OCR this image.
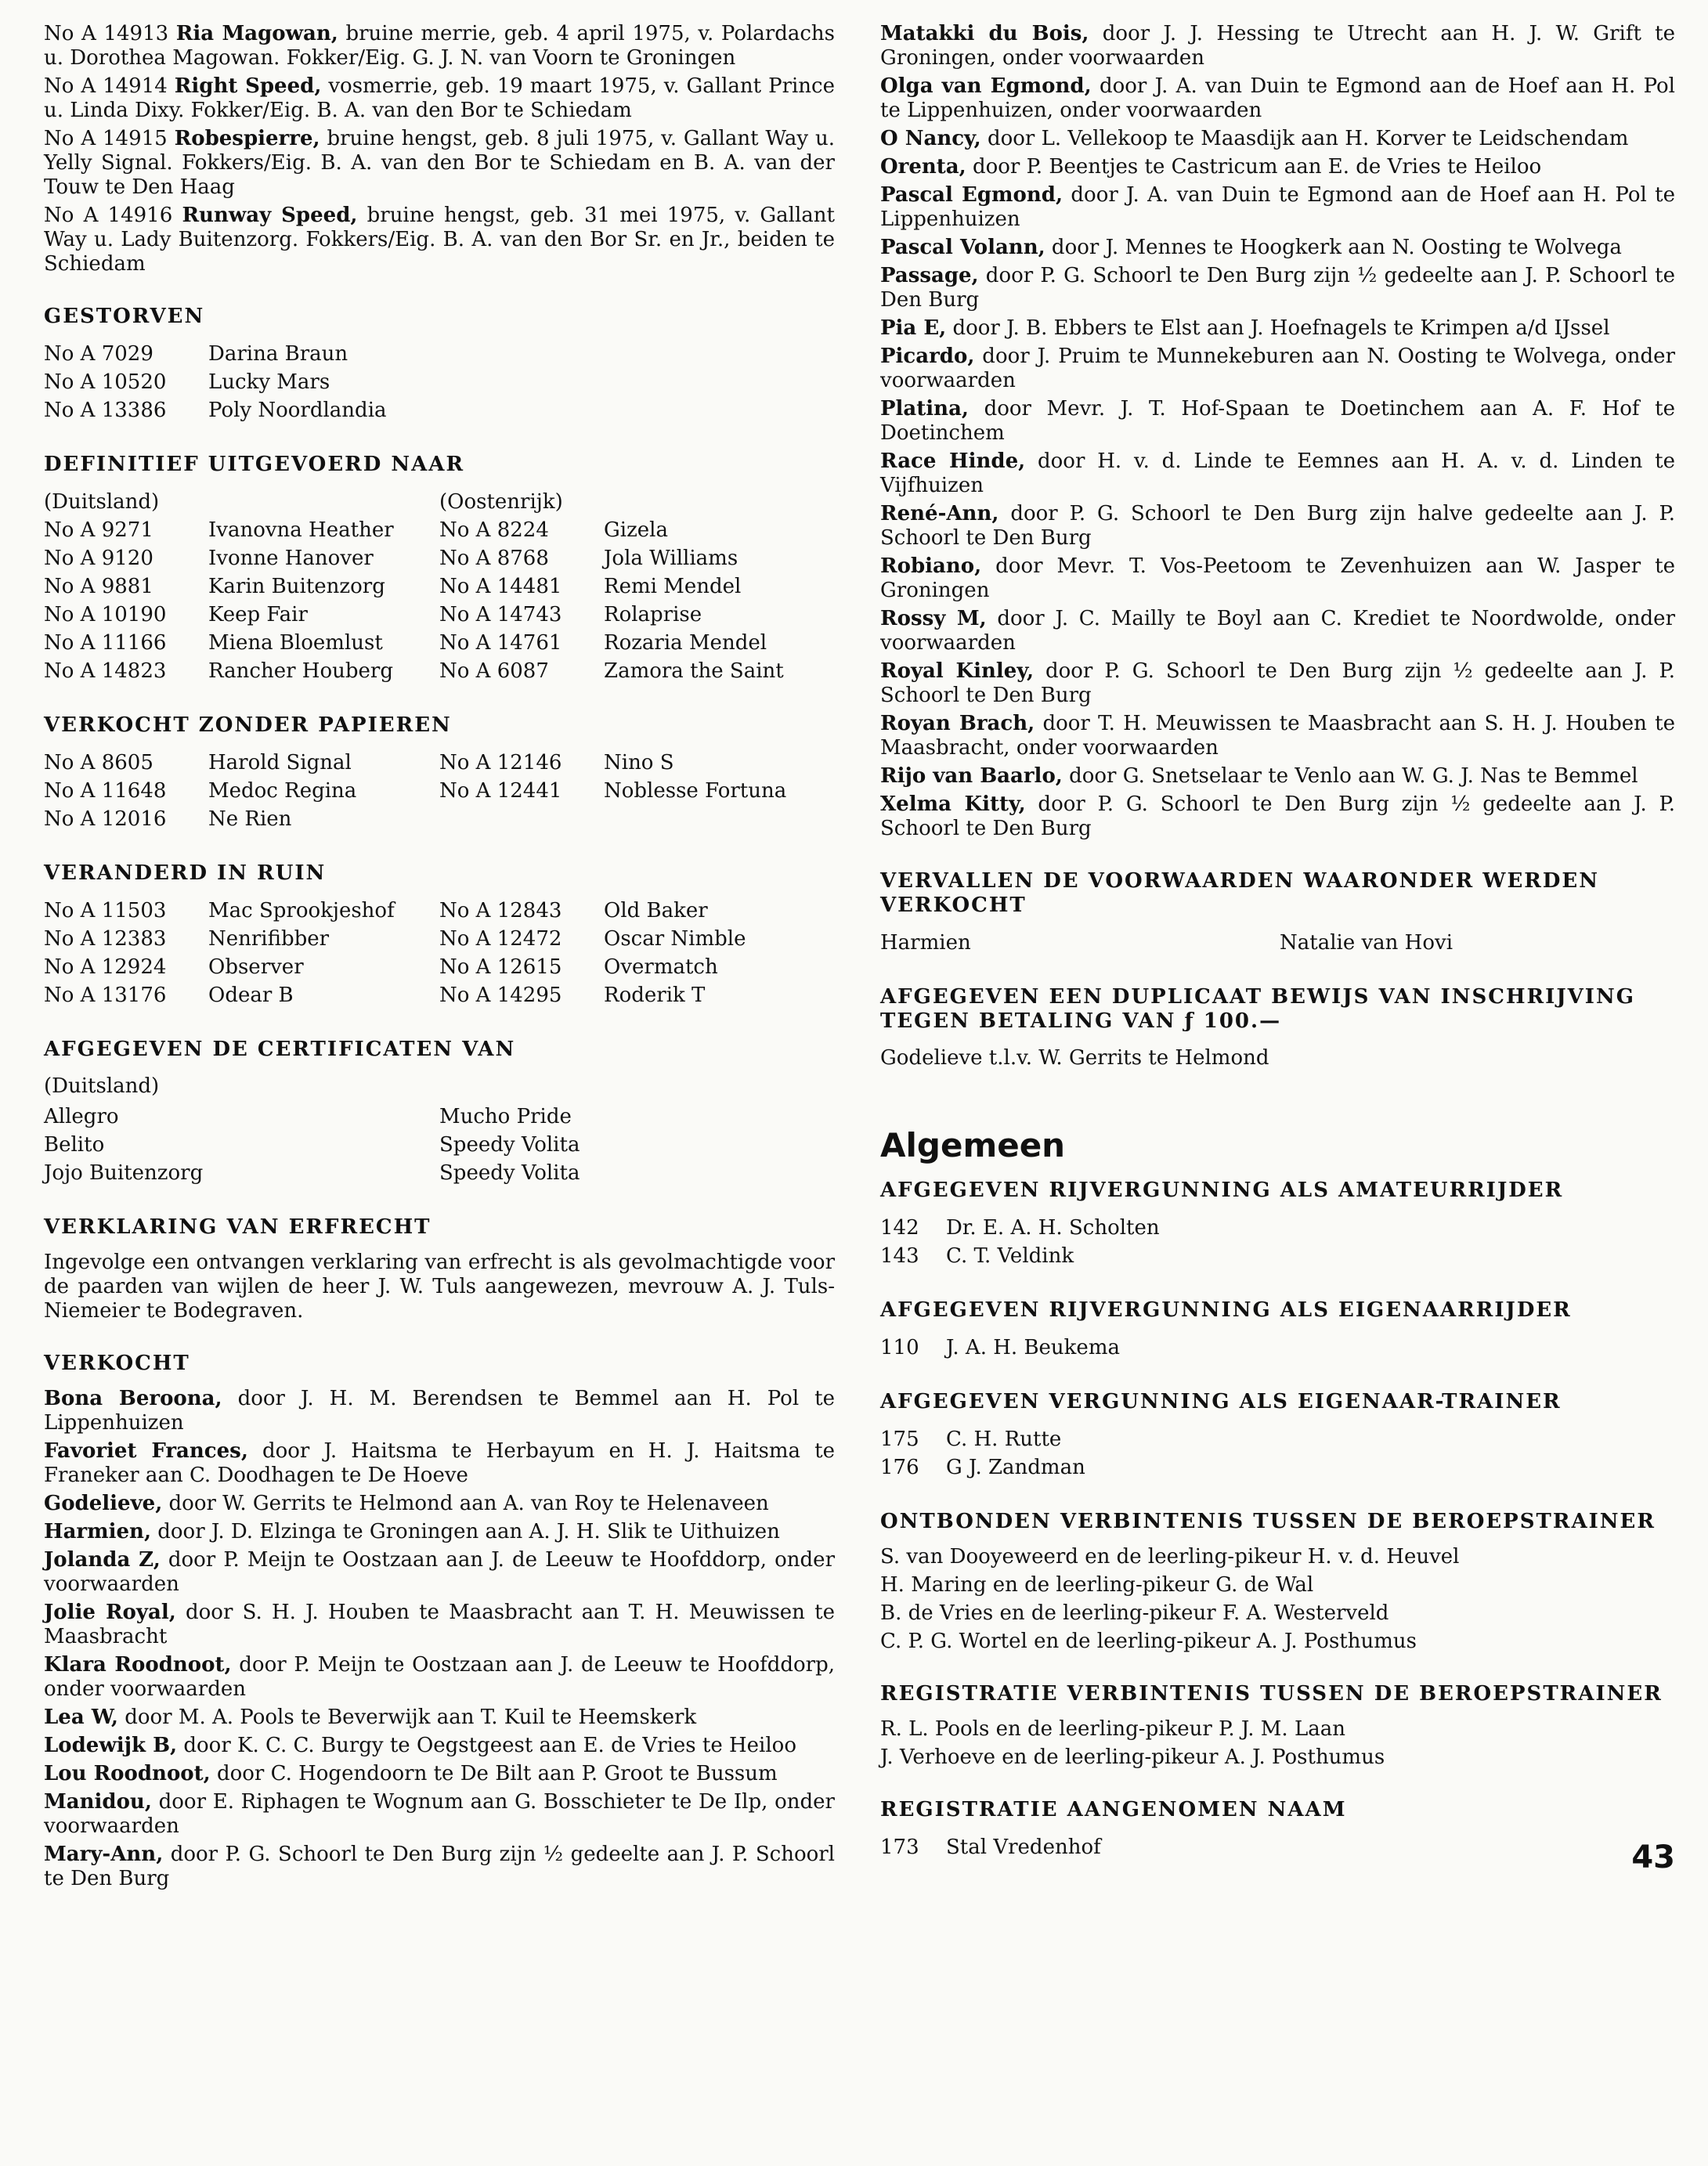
No A 14913 Ria Magowan, bruine merrie, geb. 4 april 1975, v. Polardachs u. Dorothea Magowan. Fokker/Eig. G. J. N. van Voorn te Groningen

No A 14914 Right Speed, vosmerrie, geb. 19 maart 1975, v. Gallant Prince u. Linda Dixy. Fokker/Eig. B. A. van den Bor te Schiedam

No A 14915 Robespierre, bruine hengst, geb. 8 juli 1975, v. Gallant Way u. Yelly Signal. Fokkers/Eig. B. A. van den Bor te Schiedam en B. A. van der Touw te Den Haag

No A 14916 Runway Speed, bruine hengst, geb. 31 mei 1975, v. Gallant Way u. Lady Buitenzorg. Fokkers/Eig. B. A. van den Bor Sr. en Jr., beiden te Schiedam

GESTORVEN
No A 7029	Darina Braun
No A 10520	Lucky Mars
No A 13386	Poly Noordlandia
DEFINITIEF UITGEVOERD NAAR
(Duitsland)	(Oostenrijk)
No A 9271	Ivanovna Heather	No A 8224	Gizela
No A 9120	Ivonne Hanover	No A 8768	Jola Williams
No A 9881	Karin Buitenzorg	No A 14481	Remi Mendel
No A 10190	Keep Fair	No A 14743	Rolaprise
No A 11166	Miena Bloemlust	No A 14761	Rozaria Mendel
No A 14823	Rancher Houberg	No A 6087	Zamora the Saint
VERKOCHT ZONDER PAPIEREN
No A 8605	Harold Signal	No A 12146	Nino S
No A 11648	Medoc Regina	No A 12441	Noblesse Fortuna
No A 12016	Ne Rien
VERANDERD IN RUIN
No A 11503	Mac Sprookjeshof	No A 12843	Old Baker
No A 12383	Nenrifibber	No A 12472	Oscar Nimble
No A 12924	Observer	No A 12615	Overmatch
No A 13176	Odear B	No A 14295	Roderik T
AFGEGEVEN DE CERTIFICATEN VAN
(Duitsland)
Allegro	Mucho Pride
Belito	Speedy Volita
Jojo Buitenzorg	Speedy Volita
VERKLARING VAN ERFRECHT

Ingevolge een ontvangen verklaring van erfrecht is als gevolmachtigde voor de paarden van wijlen de heer J. W. Tuls aangewezen, mevrouw A. J. Tuls-Niemeier te Bodegraven.

VERKOCHT

Bona Beroona, door J. H. M. Berendsen te Bemmel aan H. Pol te Lippenhuizen

Favoriet Frances, door J. Haitsma te Herbayum en H. J. Haitsma te Franeker aan C. Doodhagen te De Hoeve

Godelieve, door W. Gerrits te Helmond aan A. van Roy te Helenaveen

Harmien, door J. D. Elzinga te Groningen aan A. J. H. Slik te Uithuizen

Jolanda Z, door P. Meijn te Oostzaan aan J. de Leeuw te Hoofddorp, onder voorwaarden

Jolie Royal, door S. H. J. Houben te Maasbracht aan T. H. Meuwissen te Maasbracht

Klara Roodnoot, door P. Meijn te Oostzaan aan J. de Leeuw te Hoofddorp, onder voorwaarden

Lea W, door M. A. Pools te Beverwijk aan T. Kuil te Heemskerk

Lodewijk B, door K. C. C. Burgy te Oegstgeest aan E. de Vries te Heiloo

Lou Roodnoot, door C. Hogendoorn te De Bilt aan P. Groot te Bussum

Manidou, door E. Riphagen te Wognum aan G. Bosschieter te De Ilp, onder voorwaarden

Mary-Ann, door P. G. Schoorl te Den Burg zijn ½ gedeelte aan J. P. Schoorl te Den Burg

Matakki du Bois, door J. J. Hessing te Utrecht aan H. J. W. Grift te Groningen, onder voorwaarden

Olga van Egmond, door J. A. van Duin te Egmond aan de Hoef aan H. Pol te Lippenhuizen, onder voorwaarden

O Nancy, door L. Vellekoop te Maasdijk aan H. Korver te Leidschendam

Orenta, door P. Beentjes te Castricum aan E. de Vries te Heiloo

Pascal Egmond, door J. A. van Duin te Egmond aan de Hoef aan H. Pol te Lippenhuizen

Pascal Volann, door J. Mennes te Hoogkerk aan N. Oosting te Wolvega

Passage, door P. G. Schoorl te Den Burg zijn ½ gedeelte aan J. P. Schoorl te Den Burg

Pia E, door J. B. Ebbers te Elst aan J. Hoefnagels te Krimpen a/d IJssel

Picardo, door J. Pruim te Munnekeburen aan N. Oosting te Wolvega, onder voorwaarden

Platina, door Mevr. J. T. Hof-Spaan te Doetinchem aan A. F. Hof te Doetinchem

Race Hinde, door H. v. d. Linde te Eemnes aan H. A. v. d. Linden te Vijfhuizen

René-Ann, door P. G. Schoorl te Den Burg zijn halve gedeelte aan J. P. Schoorl te Den Burg

Robiano, door Mevr. T. Vos-Peetoom te Zevenhuizen aan W. Jasper te Groningen

Rossy M, door J. C. Mailly te Boyl aan C. Krediet te Noordwolde, onder voorwaarden

Royal Kinley, door P. G. Schoorl te Den Burg zijn ½ gedeelte aan J. P. Schoorl te Den Burg

Royan Brach, door T. H. Meuwissen te Maasbracht aan S. H. J. Houben te Maasbracht, onder voorwaarden

Rijo van Baarlo, door G. Snetselaar te Venlo aan W. G. J. Nas te Bemmel

Xelma Kitty, door P. G. Schoorl te Den Burg zijn ½ gedeelte aan J. P. Schoorl te Den Burg

VERVALLEN DE VOORWAARDEN WAARONDER WERDEN VERKOCHT
Harmien	Natalie van Hovi
AFGEGEVEN EEN DUPLICAAT BEWIJS VAN INSCHRIJVING TEGEN BETALING VAN ƒ 100.—
Godelieve t.l.v. W. Gerrits te Helmond
Algemeen
AFGEGEVEN RIJVERGUNNING ALS AMATEURRIJDER
142	Dr. E. A. H. Scholten
143	C. T. Veldink
AFGEGEVEN RIJVERGUNNING ALS EIGENAARRIJDER
110	J. A. H. Beukema
AFGEGEVEN VERGUNNING ALS EIGENAAR-TRAINER
175	C. H. Rutte
176	G J. Zandman
ONTBONDEN VERBINTENIS TUSSEN DE BEROEPSTRAINER

S. van Dooyeweerd en de leerling-pikeur H. v. d. Heuvel

H. Maring en de leerling-pikeur G. de Wal

B. de Vries en de leerling-pikeur F. A. Westerveld

C. P. G. Wortel en de leerling-pikeur A. J. Posthumus

REGISTRATIE VERBINTENIS TUSSEN DE BEROEPSTRAINER

R. L. Pools en de leerling-pikeur P. J. M. Laan

J. Verhoeve en de leerling-pikeur A. J. Posthumus

REGISTRATIE AANGENOMEN NAAM
173	Stal Vredenhof	43
